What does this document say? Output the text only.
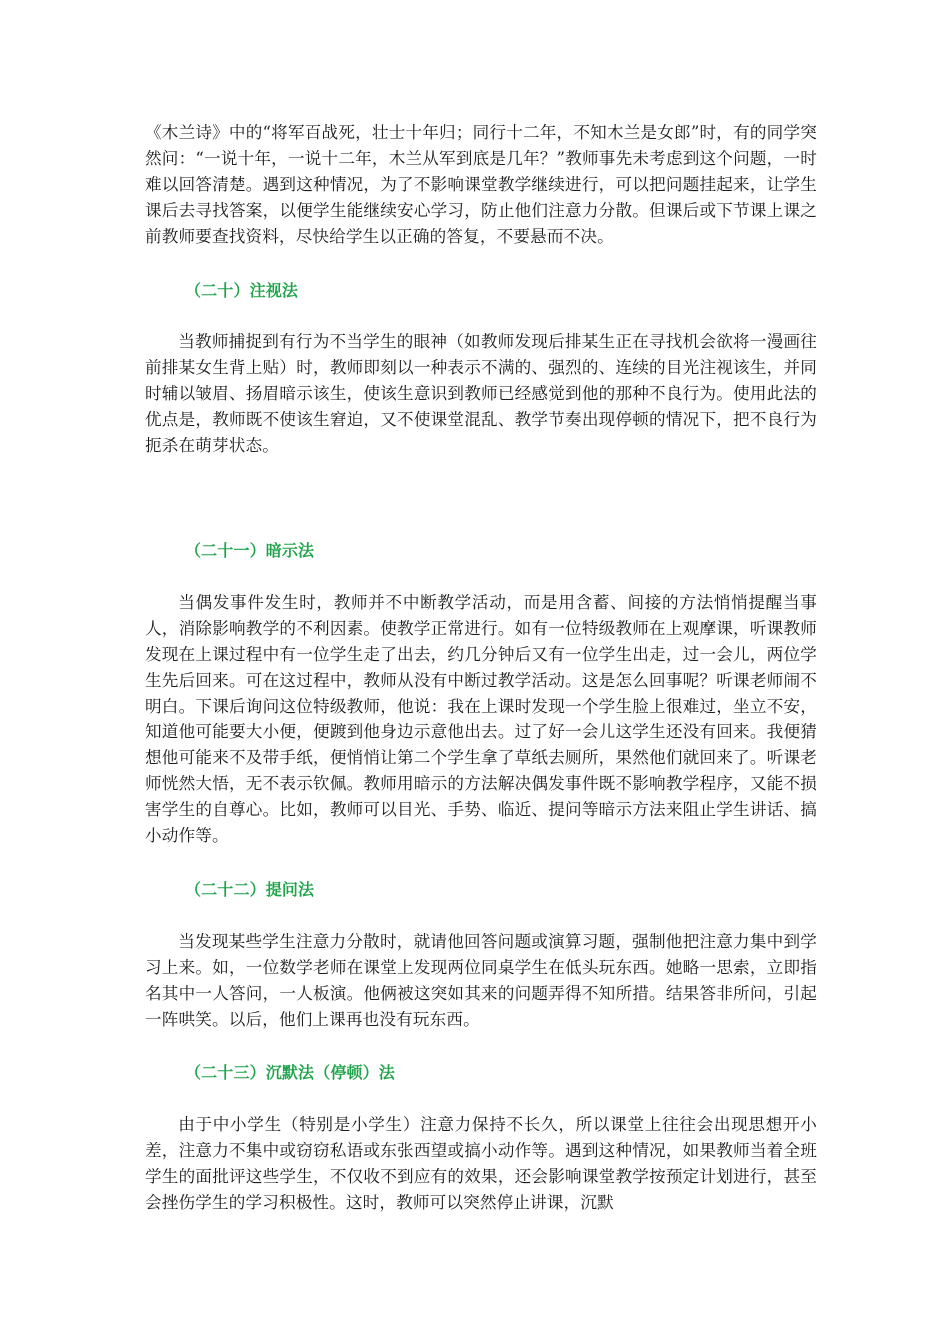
《木兰诗》中的“将军百战死，壮士十年归；同行十二年，不知木兰是女郎”时，有的同学突然问：“一说十年，一说十二年，木兰从军到底是几年？”教师事先未考虑到这个问题，一时难以回答清楚。遇到这种情况，为了不影响课堂教学继续进行，可以把问题挂起来，让学生课后去寻找答案，以便学生能继续安心学习，防止他们注意力分散。但课后或下节课上课之前教师要查找资料，尽快给学生以正确的答复，不要悬而不决。

（二十）注视法

当教师捕捉到有行为不当学生的眼神（如教师发现后排某生正在寻找机会欲将一漫画往前排某女生背上贴）时，教师即刻以一种表示不满的、强烈的、连续的目光注视该生，并同时辅以皱眉、扬眉暗示该生，使该生意识到教师已经感觉到他的那种不良行为。使用此法的优点是，教师既不使该生窘迫，又不使课堂混乱、教学节奏出现停顿的情况下，把不良行为扼杀在萌芽状态。

（二十一）暗示法

当偶发事件发生时，教师并不中断教学活动，而是用含蓄、间接的方法悄悄提醒当事人，消除影响教学的不利因素。使教学正常进行。如有一位特级教师在上观摩课，听课教师发现在上课过程中有一位学生走了出去，约几分钟后又有一位学生出走，过一会儿，两位学生先后回来。可在这过程中，教师从没有中断过教学活动。这是怎么回事呢？听课老师闹不明白。下课后询问这位特级教师，他说：我在上课时发现一个学生脸上很难过，坐立不安，知道他可能要大小便，便踱到他身边示意他出去。过了好一会儿这学生还没有回来。我便猜想他可能来不及带手纸，便悄悄让第二个学生拿了草纸去厕所，果然他们就回来了。听课老师恍然大悟，无不表示钦佩。教师用暗示的方法解决偶发事件既不影响教学程序，又能不损害学生的自尊心。比如，教师可以目光、手势、临近、提问等暗示方法来阻止学生讲话、搞小动作等。

（二十二）提问法

当发现某些学生注意力分散时，就请他回答问题或演算习题，强制他把注意力集中到学习上来。如，一位数学老师在课堂上发现两位同桌学生在低头玩东西。她略一思索，立即指名其中一人答问，一人板演。他俩被这突如其来的问题弄得不知所措。结果答非所问，引起一阵哄笑。以后，他们上课再也没有玩东西。

（二十三）沉默法（停顿）法

由于中小学生（特别是小学生）注意力保持不长久，所以课堂上往往会出现思想开小差，注意力不集中或窃窃私语或东张西望或搞小动作等。遇到这种情况，如果教师当着全班学生的面批评这些学生，不仅收不到应有的效果，还会影响课堂教学按预定计划进行，甚至会挫伤学生的学习积极性。这时，教师可以突然停止讲课，沉默
